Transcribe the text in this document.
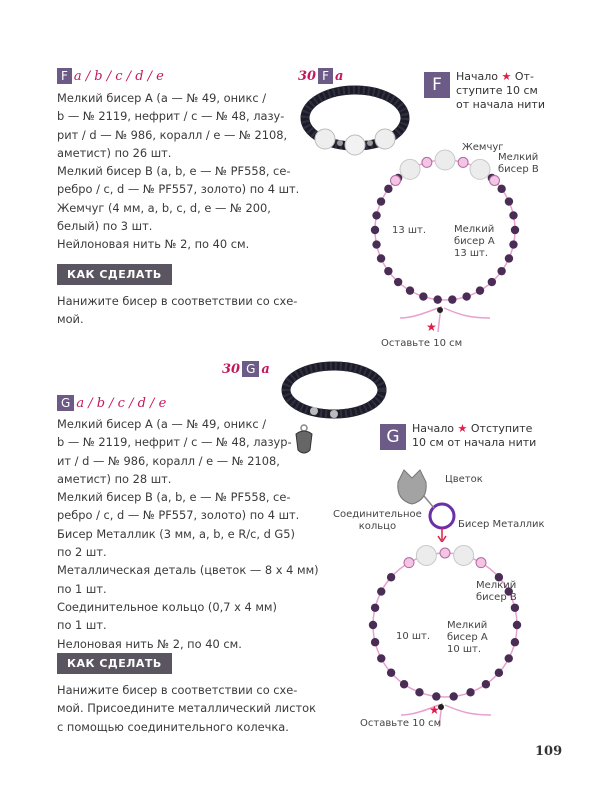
F a / b / c / d / e
Мелкий бисер A (a — № 49, оникс /
b — № 2119, нефрит / c — № 48, лазу-
рит / d — № 986, коралл / e — № 2108,
аметист) по 26 шт.
Мелкий бисер B (a, b, e — № PF558, се-
ребро / c, d — № PF557, золото) по 4 шт.
Жемчуг (4 мм, a, b, c, d, e — № 200,
белый) по 3 шт.
Нейлоновая нить № 2, по 40 см.
КАК СДЕЛАТЬ
Нанижите бисер в соответствии со схе-
мой.
30 F a	F	Начало ★ От-
ступите 10 см
от начала нити
Жемчуг
Мелкий
бисер B
13 шт.	Мелкий
бисер A
13 шт.
★
Оставьте 10 см
30 G a
G a / b / c / d / e
Мелкий бисер A (a — № 49, оникс /
b — № 2119, нефрит / c — № 48, лазур-
ит / d — № 986, коралл / e — № 2108,
аметист) по 28 шт.
Мелкий бисер B (a, b, e — № PF558, се-
ребро / c, d — № PF557, золото) по 4 шт.
Бисер Металлик (3 мм, a, b, e R/c, d G5)
по 2 шт.
Металлическая деталь (цветок — 8 х 4 мм)
по 1 шт.
Соединительное кольцо (0,7 х 4 мм)
по 1 шт.
Нелоновая нить № 2, по 40 см.
КАК СДЕЛАТЬ
Нанижите бисер в соответствии со схе-
мой. Присоедините металлический листок
с помощью соединительного колечка.
G	Начало ★ Отступите
10 см от начала нити
Цветок
Соединительное
кольцо	Бисер Металлик
Мелкий
бисер B
10 шт.
Мелкий
бисер A
10 шт.
★
Оставьте 10 см
109
